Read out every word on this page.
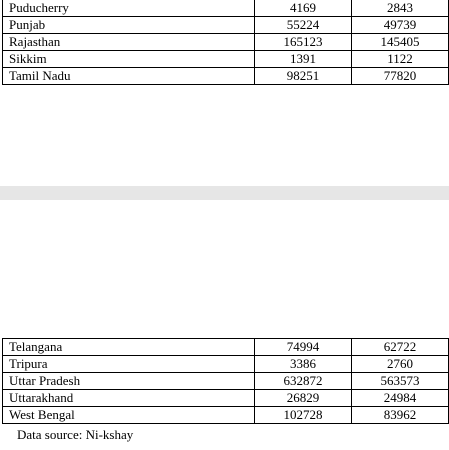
Puducherry	4169	2843
Punjab	55224	49739
Rajasthan	165123	145405
Sikkim	1391	1122
Tamil Nadu	98251	77820
Telangana	74994	62722
Tripura	3386	2760
Uttar Pradesh	632872	563573
Uttarakhand	26829	24984
West Bengal	102728	83962
Data source: Ni-kshay
